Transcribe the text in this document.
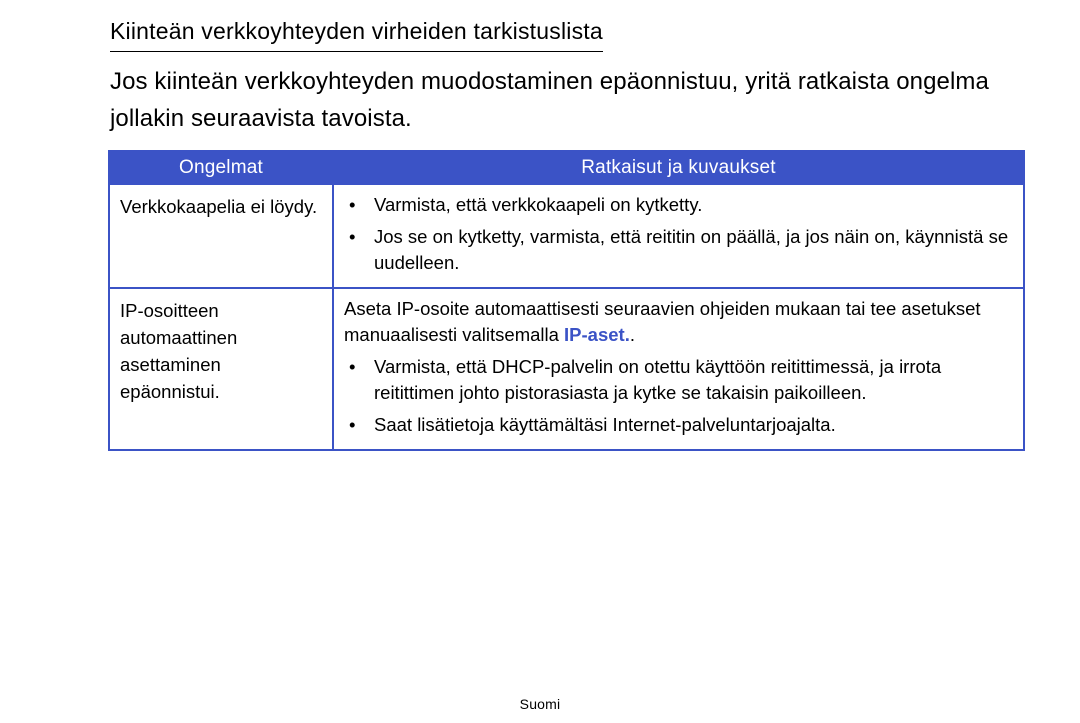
Kiinteän verkkoyhteyden virheiden tarkistuslista

Jos kiinteän verkkoyhteyden muodostaminen epäonnistuu, yritä ratkaista ongelma
jollakin seuraavista tavoista.

Ongelmat	Ratkaisut ja kuvaukset
Verkkokaapelia ei löydy.	• Varmista, että verkkokaapeli on kytketty.
• Jos se on kytketty, varmista, että reititin on päällä, ja jos näin on, käynnistä se uudelleen.

IP-osoitteen automaattinen asettaminen epäonnistui.	Aseta IP-osoite automaattisesti seuraavien ohjeiden mukaan tai tee asetukset manuaalisesti valitsemalla IP-aset..
• Varmista, että DHCP-palvelin on otettu käyttöön reitittimessä, ja irrota reitittimen johto pistorasiasta ja kytke se takaisin paikoilleen.
• Saat lisätietoja käyttämältäsi Internet-palveluntarjoajalta.
Suomi
